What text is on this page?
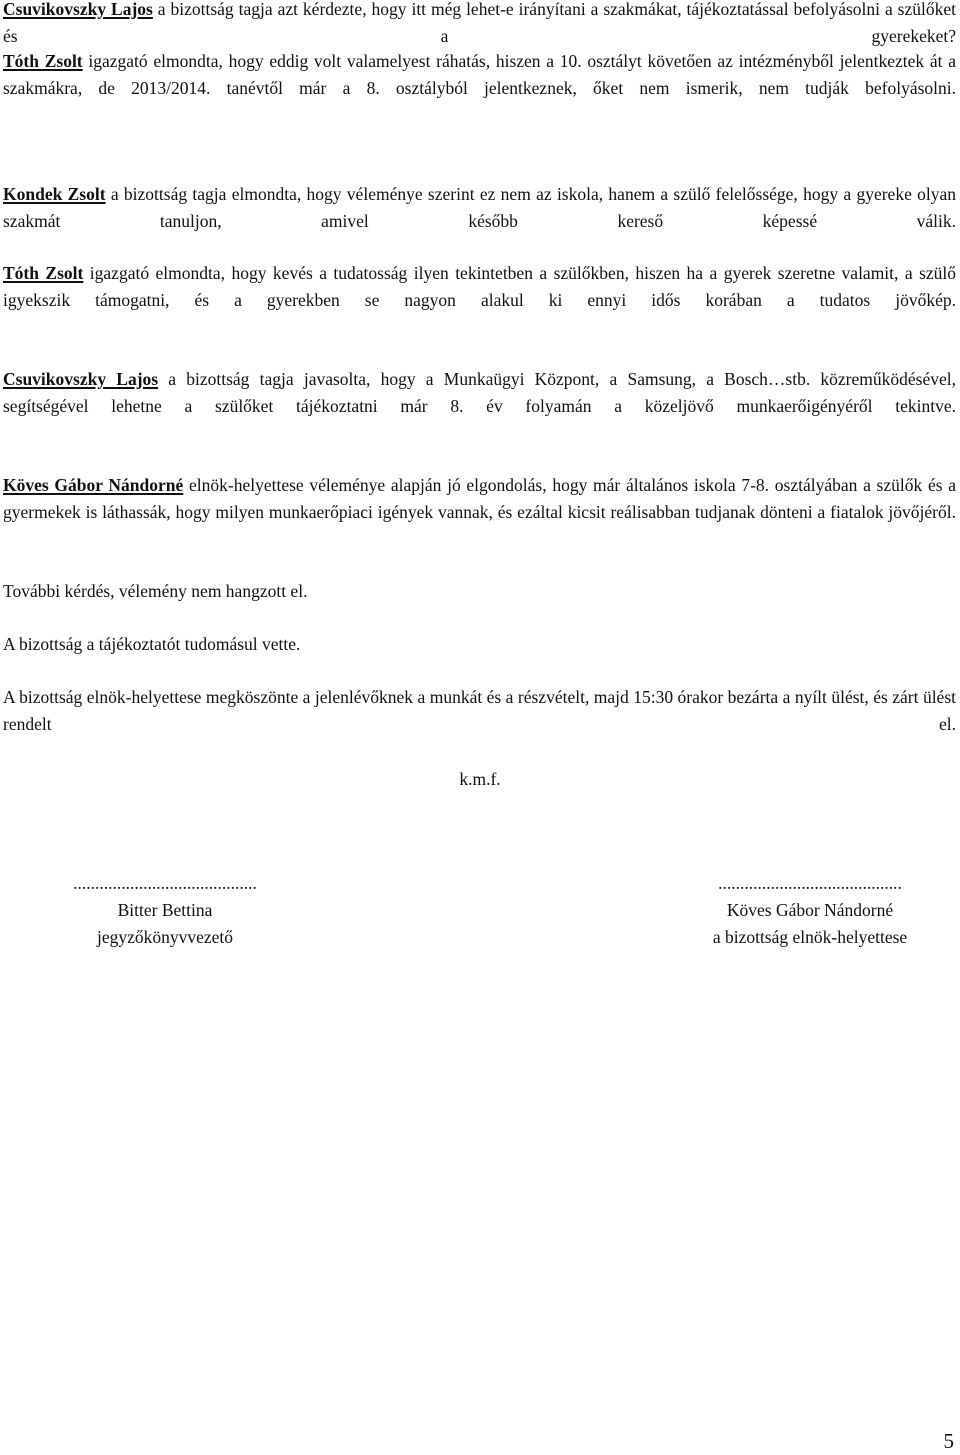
Csuvikovszky Lajos a bizottság tagja azt kérdezte, hogy itt még lehet-e irányítani a szakmákat, tájékoztatással befolyásolni a szülőket és a gyerekeket?

Tóth Zsolt igazgató elmondta, hogy eddig volt valamelyest ráhatás, hiszen a 10. osztályt követően az intézményből jelentkeztek át a szakmákra, de 2013/2014. tanévtől már a 8. osztályból jelentkeznek, őket nem ismerik, nem tudják befolyásolni.

Kondek Zsolt a bizottság tagja elmondta, hogy véleménye szerint ez nem az iskola, hanem a szülő felelőssége, hogy a gyereke olyan szakmát tanuljon, amivel később kereső képessé válik.

Tóth Zsolt igazgató elmondta, hogy kevés a tudatosság ilyen tekintetben a szülőkben, hiszen ha a gyerek szeretne valamit, a szülő igyekszik támogatni, és a gyerekben se nagyon alakul ki ennyi idős korában a tudatos jövőkép.

Csuvikovszky Lajos a bizottság tagja javasolta, hogy a Munkaügyi Központ, a Samsung, a Bosch…stb. közreműködésével, segítségével lehetne a szülőket tájékoztatni már 8. év folyamán a közeljövő munkaerőigényéről tekintve.

Köves Gábor Nándorné elnök-helyettese véleménye alapján jó elgondolás, hogy már általános iskola 7-8. osztályában a szülők és a gyermekek is láthassák, hogy milyen munkaerőpiaci igények vannak, és ezáltal kicsit reálisabban tudjanak dönteni a fiatalok jövőjéről.

További kérdés, vélemény nem hangzott el.

A bizottság a tájékoztatót tudomásul vette.

A bizottság elnök-helyettese megköszönte a jelenlévőknek a munkát és a részvételt, majd 15:30 órakor bezárta a nyílt ülést, és zárt ülést rendelt el.

k.m.f.
..........................................
Bitter Bettina
jegyzőkönyvvezető
..........................................
Köves Gábor Nándorné
a bizottság elnök-helyettese
5
